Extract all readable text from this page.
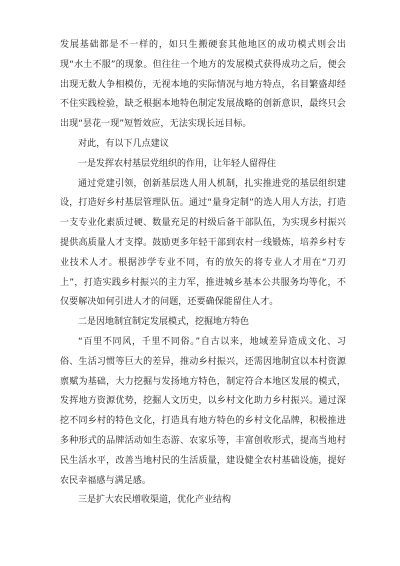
发展基础都是不一样的，如只生搬硬套其他地区的成功模式则会出现“水土不服”的现象。但往往一个地方的发展模式获得成功之后，便会出现无数人争相模仿，无视本地的实际情况与地方特点，名目繁盛却经不住实践检验，缺乏根据本地特色制定发展战略的创新意识，最终只会出现“昙花一现”短暂效应，无法实现长远目标。

对此，有以下几点建议

一是发挥农村基层党组织的作用，让年轻人留得住

通过党建引领，创新基层选人用人机制，扎实推进党的基层组织建设，打造好乡村基层管理队伍。通过“量身定制”的选人用人方法，打造一支专业化素质过硬、数量充足的村级后备干部队伍，为实现乡村振兴提供高质量人才支撑。鼓励更多年轻干部到农村一线锻炼，培养乡村专业技术人才。根据涉学专业不同，有的放矢的将专业人才用在“刀刃上”，打造实践乡村振兴的主力军，推进城乡基本公共服务均等化，不仅要解决如何引进人才的问题，还要确保能留住人才。

二是因地制宜制定发展模式，挖掘地方特色

“百里不同风，千里不同俗。”自古以来，地域差异造成文化、习俗、生活习惯等巨大的差异，推动乡村振兴，还需因地制宜以本村资源禀赋为基础，大力挖掘与发扬地方特色，制定符合本地区发展的模式，发挥地方资源优势，挖掘人文历史，以乡村文化助力乡村振兴。通过深挖不同乡村的特色文化，打造具有地方特色的乡村文化品牌，积极推进多种形式的品牌活动如生态游、农家乐等，丰富创收形式，提高当地村民生活水平，改善当地村民的生活质量，建设健全农村基础设施，提好农民幸福感与满足感。

三是扩大农民增收渠道，优化产业结构
